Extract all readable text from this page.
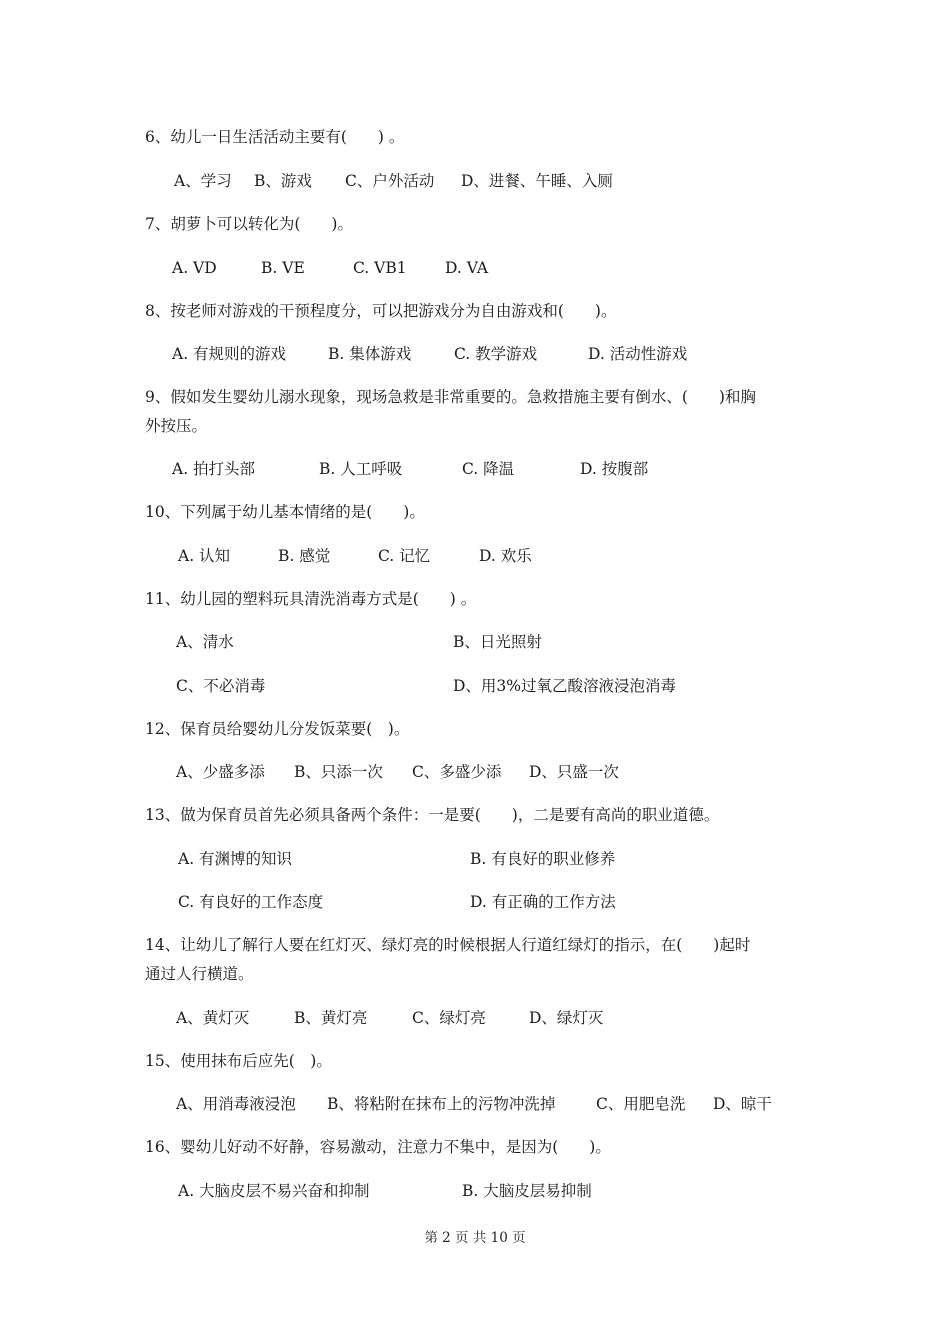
6、幼儿一日生活活动主要有(　　) 。
A、学习 B、游戏 C、户外活动 D、进餐、午睡、入厕
7、胡萝卜可以转化为(　　)。
A. VD	B. VE	C. VB1 D. VA
8、按老师对游戏的干预程度分，可以把游戏分为自由游戏和(　　)。
A. 有规则的游戏	B. 集体游戏	C. 教学游戏	D. 活动性游戏
9、假如发生婴幼儿溺水现象，现场急救是非常重要的。急救措施主要有倒水、(　　)和胸
外按压。
A. 拍打头部	B. 人工呼吸	C. 降温	D. 按腹部
10、下列属于幼儿基本情绪的是(　　)。
A. 认知	B. 感觉	C. 记忆	D. 欢乐
11、幼儿园的塑料玩具清洗消毒方式是(　　) 。
A、清水	B、日光照射
C、不必消毒	D、用3%过氧乙酸溶液浸泡消毒
12、保育员给婴幼儿分发饭菜要(　)。
A、少盛多添 B、只添一次 C、多盛少添 D、只盛一次
13、做为保育员首先必须具备两个条件：一是要(　　)，二是要有高尚的职业道德。
A. 有渊博的知识	B. 有良好的职业修养
C. 有良好的工作态度	D. 有正确的工作方法
14、让幼儿了解行人要在红灯灭、绿灯亮的时候根据人行道红绿灯的指示，在(　　)起时
通过人行横道。
A、黄灯灭	B、黄灯亮	C、绿灯亮	D、绿灯灭
15、使用抹布后应先(　)。
A、用消毒液浸泡 B、将粘附在抹布上的污物冲洗掉	C、用肥皂洗 D、晾干
16、婴幼儿好动不好静，容易激动，注意力不集中，是因为(　　)。
A. 大脑皮层不易兴奋和抑制	B. 大脑皮层易抑制
第 2 页 共 10 页
